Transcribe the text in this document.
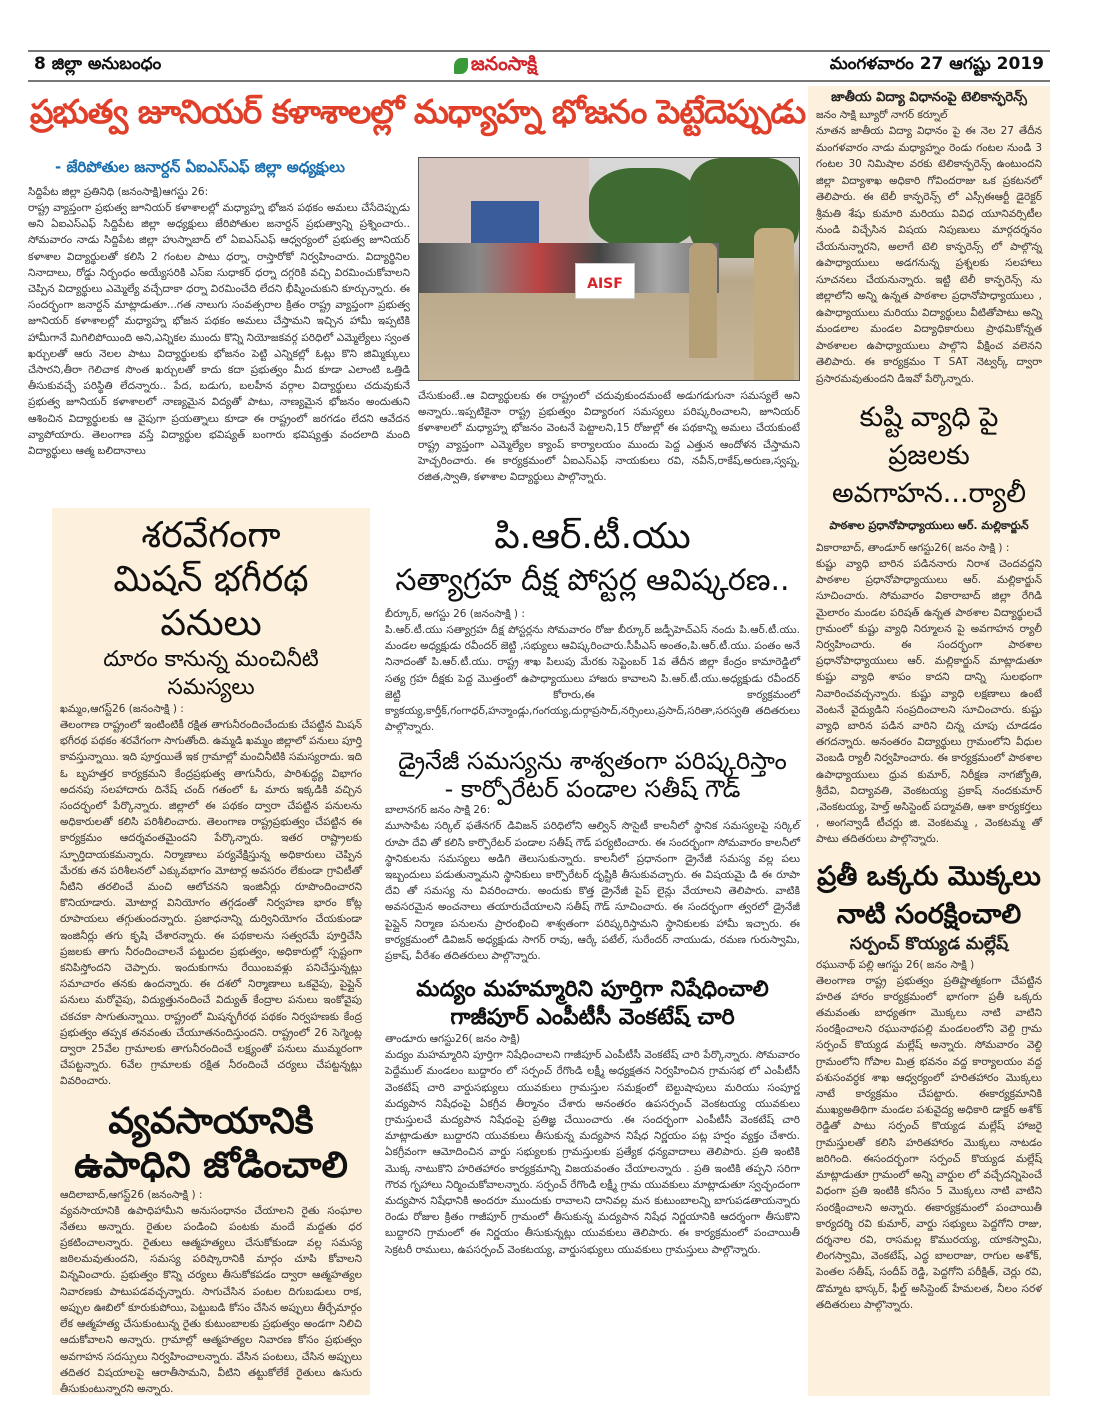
8 జిల్లా అనుబంధం	జనంసాక్షి	మంగళవారం 27 ఆగష్టు 2019
ప్రభుత్వ జూనియర్ కళాశాలల్లో మధ్యాహ్న భోజనం పెట్టేదెప్పుడు
- జేరిపోతుల జనార్దన్ ఏఐఎస్ఎఫ్ జిల్లా అధ్యక్షులు
సిద్దిపేట జిల్లా ప్రతినిధి (జనంసాక్షి)ఆగస్టు 26:
రాష్ట్ర వ్యాప్తంగా ప్రభుత్వ జూనియర్ కళాశాలల్లో మధ్యాహ్న భోజన పథకం అమలు చేసేదెప్పుడు అని ఏఐఎస్ఎఫ్ సిద్దిపేట జిల్లా అధ్యక్షులు జేరిపోతుల జనార్దన్ ప్రభుత్వాన్ని ప్రశ్నించారు.. సోమవారం నాడు సిద్దిపేట జిల్లా హుస్నాబాద్ లో ఏఐఎస్ఎఫ్ ఆధ్వర్యంలో ప్రభుత్వ జూనియర్ కళాశాల విద్యార్థులతో కలిసి 2 గంటల పాటు ధర్నా, రాస్తారోకో నిర్వహించారు. విద్యార్థినిల నినాదాలు, రోడ్డు నిర్బంధం అయ్యేసరికి ఎస్ఐ సుధాకర్ ధర్నా దగ్గరికి వచ్చి విరమించుకోవాలని చెప్పిన విద్యార్థులు ఎమ్మెల్యే వచ్చేదాకా ధర్నా విరమించేది లేదని భీష్మించుకుని కూర్చున్నారు. ఈ సందర్భంగా జనార్దన్ మాట్లాడుతూ...గత నాలుగు సంవత్సరాల క్రితం రాష్ట్ర వ్యాప్తంగా ప్రభుత్వ జూనియర్ కళాశాలల్లో మధ్యాహ్న భోజన పథకం అమలు చేస్తామని ఇచ్చిన హామీ ఇప్పటికి హామీగానే మిగిలిపోయింది అని,ఎన్నికల ముందు కొన్ని నియోజకవర్గ పరిధిలో ఎమ్మెల్యేలు స్వంత ఖర్చులతో ఆరు నెలల పాటు విద్యార్థులకు భోజనం పెట్టి ఎన్నికల్లో ఓట్లు కొని జిమ్మిక్కులు చేసారని,తీరా గెలిచాక సొంత ఖర్చులతో కాదు కదా ప్రభుత్వం మీద కూడా ఎలాంటి ఒత్తిడి తీసుకువచ్చే పరిస్థితి లేదన్నారు.. పేద, బడుగు, బలహీన వర్గాల విద్యార్థులు చదువుకునే ప్రభుత్వ జూనియర్ కళాశాలలో నాణ్యమైన విద్యతో పాటు, నాణ్యమైన భోజనం అందుతుని ఆశించిన విద్యార్థులకు ఆ వైపుగా ప్రయత్నాలు కూడా ఈ రాష్ట్రంలో జరగడం లేదని ఆవేదన వ్యాపోయారు. తెలంగాణ వస్తే విద్యార్థుల భవిష్యత్ బంగారు భవిష్యత్తు వందలాది మంది విద్యార్థులు ఆత్మ బలిదానాలు
AISF
చేసుకుంటే..ఆ విద్యార్థులకు ఈ రాష్ట్రంలో చదువుకుందమంటే అడుగడుగునా సమస్యలే అని అన్నారు..ఇప్పటికైనా రాష్ట్ర ప్రభుత్వం విద్యారంగ సమస్యలు పరిష్కరించాలని, జూనియర్ కళాశాలలో మధ్యాహ్న భోజనం వెంటనే పెట్టాలని,15 రోజుల్లో ఈ పథకాన్ని అమలు చేయకుంటే రాష్ట్ర వ్యాప్తంగా ఎమ్మెల్యేల క్యాంప్ కార్యాలయం ముందు పెద్ద ఎత్తున ఆందోళన చేస్తామని హెచ్చరించారు. ఈ కార్యక్రమంలో ఏఐఎస్ఎఫ్ నాయకులు రవి, నవీన్,రాకేష్,అరుణ,స్వప్న, రజిత,స్వాతి, కళాశాల విద్యార్థులు పాల్గొన్నారు.
జాతీయ విద్యా విధానంపై టెలికాన్ఫరెన్స్
జనం సాక్షి బ్యూరో నాగర్ కర్నూల్
నూతన జాతీయ విద్యా విధానం పై ఈ నెల 27 తేదీన మంగళవారం నాడు మధ్యాహ్నం రెండు గంటల నుండి 3 గంటల 30 నిమిషాల వరకు టెలికాన్ఫరెన్స్ ఉంటుందని జిల్లా విద్యాశాఖ అధికారి గోవిందరాజు ఒక ప్రకటనలో తెలిపారు. ఈ టెలీ కాన్ఫరెన్స్ లో ఎస్సీఈఆర్టీ డైరెక్టర్ శ్రీమతి శేషు కుమారి మరియు వివిధ యూనివర్సిటీల నుండి విచ్చేసిన విషయ నిపుణులు మార్గదర్శనం చేయనున్నారని, అలాగే టెలి కాన్ఫరెన్స్ లో పాల్గొన్న ఉపాధ్యాయులు అడగనున్న ప్రశ్నలకు సలహాలు సూచనలు చేయనున్నారు. ఇట్టి టెలీ కాన్ఫరెన్స్ ను జిల్లాలోని అన్ని ఉన్నత పాఠశాల ప్రధానోపాధ్యాయులు , ఉపాధ్యాయులు మరియు విద్యార్థులు వీటితోపాటు అన్ని మండలాల మండల విద్యాధికారులు ప్రాథమికోన్నత పాఠశాలల ఉపాధ్యాయులు పాల్గొని వీక్షించ వలెనని తెలిపారు. ఈ కార్యక్రమం T SAT నెట్వర్క్ ద్వారా ప్రసారమవుతుందని డిఇవో పేర్కొన్నారు.
కుష్టి వ్యాధి పై ప్రజలకు అవగాహన...ర్యాలీ
పాఠశాల ప్రధానోపాధ్యాయులు ఆర్. మల్లికార్జున్
వికారాబాద్, తాండూర్ ఆగస్టు26( జనం సాక్షి ) :
కుష్టు వ్యాధి బారిన పడిననారు నిరాశ చెందవద్దని పాఠశాల ప్రధానోపాధ్యాయులు ఆర్. మల్లికార్జున్ సూచించారు. సోమవారం వికారాబాద్ జిల్లా రేగిడి మైలారం మండల పరిషత్ ఉన్నత పాఠశాల విద్యార్థులచే గ్రామంలో కుష్టు వ్యాధి నిర్మూలన పై అవగాహన ర్యాలీ నిర్వహించారు. ఈ సందర్భంగా పాఠశాల ప్రధానోపాధ్యాయులు ఆర్. మల్లికార్జున్ మాట్లాడుతూ కుష్టు వ్యాధి శాపం కాదని దాన్ని సులభంగా నివారించవచ్చన్నారు. కుష్టు వ్యాధి లక్షణాలు ఉంటే వెంటనే వైద్యుడిని సంప్రదించాలని సూచించారు. కుష్టు వ్యాధి బారిన పడిన వారిని చిన్న చూపు చూడడం తగదన్నారు. అనంతరం విద్యార్థులు గ్రామంలోని వీధుల వెంబడి ర్యాలీ నిర్వహించారు. ఈ కార్యక్రమంలో పాఠశాల ఉపాధ్యాయులు ధ్రువ కుమార్, నిరీక్షణ నాగజ్యోతి, శ్రీదేవి, విద్యావతి, వెంకటయ్య ప్రకాష్ నందకుమార్ ,వెంకటయ్య, హెల్త్ అసిస్టెంట్ పద్మావతి, ఆశా కార్యకర్తలు , అంగన్వాడీ టీచర్లు జి. వెంకటమ్మ , వెంకటమ్మ తో పాటు తదితరులు పాల్గొన్నారు.
ప్రతీ ఒక్కరు మొక్కలు నాటి సంరక్షించాలి
సర్పంచ్ కొయ్యడ మల్లేష్
రఘునాథ్ పల్లి ఆగస్టు 26( జనం సాక్షి )
తెలంగాణ రాష్ట్ర ప్రభుత్వం ప్రతిష్టాత్మకంగా చేపట్టిన హరిత హారం కార్యక్రమంలో భాగంగా ప్రతీ ఒక్కరు తమవంతు బాధ్యతగా మొక్కలు నాటి వాటిని సంరక్షించాలని రఘునాథపల్లి మండలంలోని వెల్ది గ్రామ సర్పంచ్ కొయ్యడ మల్లేష్ అన్నారు. సోమవారం వెల్ది గ్రామంలోని గోపాల మిత్ర భవనం వద్ద కార్యాలయం వద్ద పశుసంవర్ధక శాఖ ఆధ్వర్యంలో హరితహారం మొక్కలు నాటే కార్యక్రమం చేపట్టారు. ఈకార్యక్రమానికి ముఖ్యఅతిథిగా మండల పశువైద్య అధికారి డాక్టర్ అశోక్ రెడ్డితో పాటు సర్పంచ్ కొయ్యడ మల్లేష్ హాజరై గ్రామస్తులతో కలిసి హరితహారం మొక్కలు నాటడం జరిగింది. ఈసందర్భంగా సర్పంచ్ కొయ్యడ మల్లేష్ మాట్లాడుతూ గ్రామంలో అన్ని వార్డుల లో వచ్చేదన్నిపెంచే విధంగా ప్రతి ఇంటికి కనీసం 5 మొక్కలు నాటి వాటిని సంరక్షించాలని అన్నారు. ఈకార్యక్రమంలో పంచాయితీ కార్యదర్శి రవి కుమార్, వార్డు సభ్యులు పెద్దగోని రాజు, దర్శనాల రవి, రాసమల్ల కొమురయ్య, యాకస్వామి, లింగస్వామి, వెంకటేష్, ఎద్ధ బాలరాజు, రాగుల అశోక్, పెంతల సతీష్, సందీప్ రెడ్డి, పెద్దగోని పరీక్షిత్, చెర్లు రవి, డొమ్మాట భాస్కర్, ఫీల్డ్ అసిస్టెంట్ హేమలత, నీలం సరళ తదితరులు పాల్గొన్నారు.
శరవేగంగా
మిషన్ భగీరథ పనులు
దూరం కానున్న మంచినీటి సమస్యలు
ఖమ్మం,ఆగస్ట్26 (జనంసాక్షి ) :
తెలంగాణ రాష్ట్రంలో ఇంటింటికీ రక్షిత తాగునీరందించేందుకు చేపట్టిన మిషన్ భగీరథ పథకం శరవేగంగా సాగుతోంది. ఉమ్మడి ఖమ్మం జిల్లాలో పనులు పూర్తి కావస్తున్నాయి. ఇది పూర్తయితే ఇక గ్రామాల్లో మంచినీటికి సమస్యరాదు. ఇది ఓ బృహత్తర కార్యక్రమని కేంద్రప్రభుత్వ తాగునీరు, పారిశుద్ధ్య విభాగం అదనపు సలహాదారు దినేష్ చంద్ గతంలో ఓ మారు ఇక్కడికి వచ్చిన సందర్భంలో పేర్కొన్నారు. జిల్లాలో ఈ పథకం ద్వారా చేపట్టిన పనులను అధికారులతో కలిసి పరిశీలించారు. తెలంగాణ రాష్ట్రప్రభుత్వం చేపట్టిన ఈ కార్యక్రమం ఆదర్శవంతమైందని పేర్కొన్నారు. ఇతర రాష్ట్రాలకు స్ఫూర్తిదాయకమన్నారు. నిర్మాణాలు పర్యవేక్షిస్తున్న అధికారులు చెప్పిన మేరకు తన పరిశీలనలో ఎక్కువభాగం మోటార్ల అవసరం లేకుండా గ్రావిటీతో నీటిని తరలించే మంచి ఆలోచనని ఇంజినీర్లు రూపొందించారని కొనియాడారు. మోటార్ల వినియోగం తగ్గడంతో నిర్వహణ భారం కోట్ల రూపాయలు తగ్గుతుందన్నారు. ప్రజాధనాన్ని దుర్వినియోగం చేయకుండా ఇంజినీర్లు తగు కృషి చేశారన్నారు. ఈ పథకాలను సత్వరమే పూర్తిచేసి ప్రజలకు తాగు నీరందించాలనే పట్టుదల ప్రభుత్వం, అధికారుల్లో స్పష్టంగా కనిపిస్తోందని చెప్పారు. ఇందుకుగాను రేయింబవళ్లు పనిచేస్తున్నట్లు సమాచారం తనకు ఉందన్నారు. ఈ దశలో నిర్మాణాలు ఒకవైపు, పైప్లైన్ పనులు మరోవైపు, విద్యుత్తునందించే విద్యుత్ కేంద్రాల పనులు ఇంకోవైపు చకచకా సాగుతున్నాయి. రాష్ట్రంలో మిషన్భగీరథ పథకం నిర్వహణకు కేంద్ర ప్రభుత్వం తప్పక తనవంతు చేయూతనందిస్తుందని. రాష్ట్రంలో 26 సెగ్మెంట్ల ద్వారా 25వేల గ్రామాలకు తాగునీరందించే లక్ష్యంతో పనులు ముమ్మరంగా చేపట్టన్నారు. 6వేల గ్రామాలకు రక్షిత నీరందించే చర్యలు చేపట్టన్నట్లు వివరించారు.
వ్యవసాయానికి
ఉపాధిని జోడించాలి
ఆదిలాబాద్,ఆగస్ట్26 (జనంసాక్షి ) :
వ్యవసాయానికి ఉపాధిహామీని అనుసంధానం చేయాలని రైతు సంఘాల నేతలు అన్నారు. రైతుల పండించి పంటకు మందే మద్దతు ధర ప్రకటించాలన్నారు. రైతులు ఆత్మహత్యలు చేసుకోకుండా వల్ల సమస్య జఠిలమవుతుందని, సమస్య పరిష్కారానికి మార్గం చూపి కోవాలని విన్నవించారు. ప్రభుత్వం కొన్ని చర్యలు తీసుకోకపడం ద్వారా ఆత్మహత్యల నివారణకు పాటుపడవచ్చన్నారు. సాగుచేసిన పంటల దిగుబడులు రాక, అప్పుల ఊబిలో కూరుకుపోయి, పెట్టుబడి కోసం చేసిన అప్పులు తీర్చేమార్గం లేక ఆత్మహత్య చేసుకుంటున్న రైతు కుటుంబాలకు ప్రభుత్వం అండగా నిలిచి ఆదుకోవాలని అన్నారు. గ్రామాల్లో ఆత్మహత్యల నివారణ కోసం ప్రభుత్వం అవగాహన సదస్సులు నిర్వహించాలన్నారు. వేసిన పంటలు, చేసిన అప్పులు తదితర విషయాలపై ఆరాతీసామని, వీటిని తట్టుకోలేకే రైతులు ఉసురు తీసుకుంటున్నారని అన్నారు.
పి.ఆర్.టీ.యు
సత్యాగ్రహ దీక్ష పోస్టర్ల ఆవిష్కరణ..
బీర్కూర్, అగస్టు 26 (జనంసాక్షి ) :
పి.ఆర్.టీ.యు సత్యాగ్రహ దీక్ష పోస్టర్లను సోమవారం రోజు బీర్కూర్ జడ్పీహెచ్ఎస్ నందు పి.ఆర్.టీ.యు. మండల అధ్యక్షుడు రవీందర్ జెట్టి ,సభ్యులు ఆవిష్కరించారు.సీపీఎస్ అంతం,పి.ఆర్.టీ.యు. పంతం అనే నినాదంతో పి.ఆర్.టీ.యు. రాష్ట్ర శాఖ పిలుపు మేరకు సెప్టెంబర్ 1వ తేదీన జిల్లా కేంద్రం కామారెడ్డిలో సత్య గ్రహ దీక్షకు పెద్ద మొత్తంలో ఉపాధ్యాయులు హాజరు కావాలని పి.ఆర్.టీ.యు.అధ్యక్షుడు రవీందర్ జెట్టి కోరారు,ఈ కార్యక్రమంలో క్యాకయ్య,కార్తీక్,గంగాధర్,హన్మాండ్లు,గంగయ్య,దుర్గాప్రసాద్,నర్సింలు,ప్రసాద్,సరితా,సరస్వతి తదితరులు పాల్గొన్నారు.
డ్రైనేజీ సమస్యను శాశ్వతంగా పరిష్కరిస్తాం
- కార్పోరేటర్ పండాల సతీష్ గౌడ్
బాలానగర్ జనం సాక్షి 26:
మూసాపేట సర్కిల్ ఫతేనగర్ డివిజన్ పరిధిలోని ఆల్విన్ సొసైటీ కాలనీలో స్థానిక సమస్యలపై సర్కిల్ రూపా దేవి తో కలిసి కార్పొరేటర్ పండాల సతీష్ గౌడ్ పర్యటించారు. ఈ సందర్భంగా సోమవారం కాలనీలో స్థానికులను సమస్యలు అడిగి తెలుసుకున్నారు. కాలనీలో ప్రధానంగా డ్రైనేజీ సమస్య వల్ల పలు ఇబ్బందులు పడుతున్నామని స్థానికులు కార్పొరేటర్ దృష్టికి తీసుకువచ్చారు. ఈ విషయమై డి ఈ రూపా దేవి తో సమస్య ను వివరించారు. అందుకు కొత్త డ్రైనేజీ పైప్ లైన్లు వేయాలని తెలిపారు. వాటికి అవసరమైన అంచనాలు తయారుచేయాలని సతీష్ గౌడ్ సూచించారు. ఈ సందర్భంగా త్వరలో డ్రైనేజీ పైప్లైన్ నిర్మాణ పనులను ప్రారంభించి శాశ్వతంగా పరిష్కరిస్తామని స్థానికులకు హామీ ఇచ్చారు. ఈ కార్యక్రమంలో డివిజన్ అధ్యక్షుడు సాగర్ రావు, ఆర్కే పటేల్, సురేందర్ నాయుడు, రమణ గురుస్వామి, ప్రకాష్, వీరేశం తదితరులు పాల్గొన్నారు.
మద్యం మహమ్మారిని పూర్తిగా నిషేధించాలి
గాజీపూర్ ఎంపీటీసీ వెంకటేష్ చారి
తాండూరు ఆగస్టు26( జనం సాక్షి)
మద్యం మహమ్మారిని పూర్తిగా నిషేధించాలని గాజీపూర్ ఎంపీటీసీ వెంకటేష్ చారి పేర్కొన్నారు. సోమవారం పెద్దేముల్ మండలం బుద్దారం లో సర్పంచ్ రేగొండి లక్ష్మీ అధ్యక్షతన నిర్వహించిన గ్రామసభ లో ఎంపీటీసీ వెంకటేష్ చారి వార్డుసభ్యులు యువకులు గ్రామస్తుల సమక్షంలో బెల్టుషాపులు మరియు సంపూర్ణ మద్యపాన నిషేధంపై ఏకగ్రీవ తీర్మానం చేశారు అనంతరం ఉపసర్పంచ్ వెంకటయ్య యువకులు గ్రామస్తులచే మద్యపాన నిషేధంపై ప్రతిజ్ఞ చేయించారు .ఈ సందర్భంగా ఎంపీటీసీ వెంకటేష్ చారి మాట్లాడుతూ బుద్దారని యువకులు తీసుకున్న మద్యపాన నిషేధ నిర్ణయం పట్ల హర్షం వ్యక్తం చేశారు. ఏకగ్రీవంగా ఆమోదించిన వార్డు సభ్యులకు గ్రామస్తులకు ప్రత్యేక ధన్యవాదాలు తెలిపారు. ప్రతి ఇంటికి మొక్క నాటుకొని హరితహారం కార్యక్రమాన్ని విజయవంతం చేయాలన్నారు . ప్రతి ఇంటికి తప్పని సరిగా గౌరవ గృహాలు నిర్మించుకోవాలన్నారు. సర్పంచ్ రేగొండి లక్ష్మీ గ్రామ యువకులు మాట్లాడుతూ స్వచ్ఛందంగా మద్యపాన నిషేధానికి అందరూ ముందుకు రావాలని దానివల్ల మన కుటుంబాలన్ని బాగుపడతాయన్నారు రెండు రోజుల క్రితం గాజీపూర్ గ్రామంలో తీసుకున్న మద్యపాన నిషేధ నిర్ణయానికి ఆదర్శంగా తీసుకొని బుద్దారని గ్రామంలో ఈ నిర్ణయం తీసుకున్నట్లు యువకులు తెలిపారు. ఈ కార్యక్రమంలో పంచాయితీ సెక్రటరీ రాములు, ఉపసర్పంచ్ వెంకటయ్య, వార్డుసభ్యులు యువకులు గ్రామస్తులు పాల్గొన్నారు.
